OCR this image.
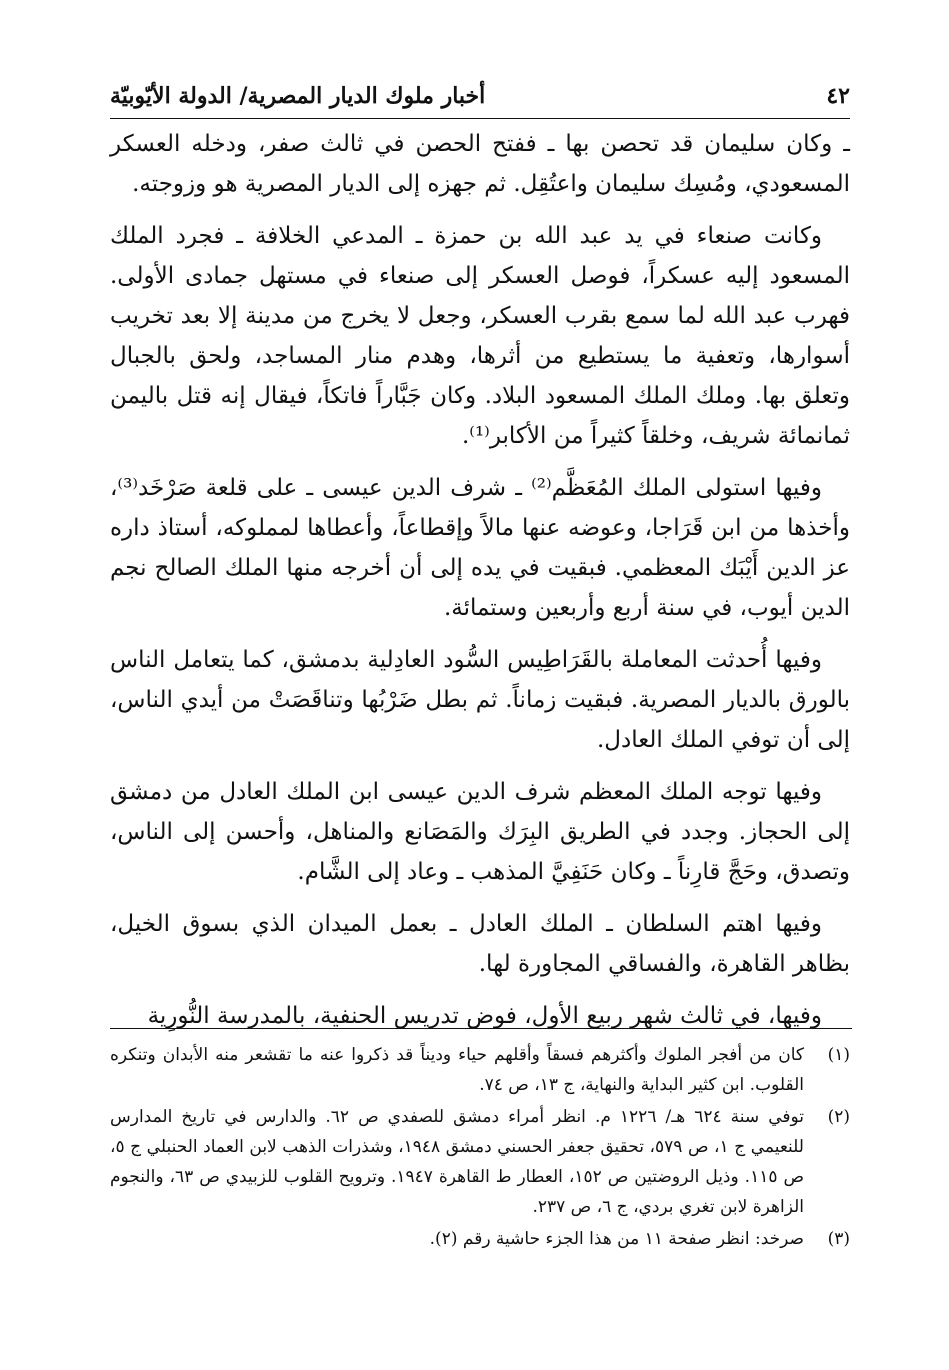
٤٢
أخبار ملوك الديار المصرية/ الدولة الأيّوبيّة

ـ وكان سليمان قد تحصن بها ـ ففتح الحصن في ثالث صفر، ودخله العسكر المسعودي، ومُسِك سليمان واعتُقِل. ثم جهزه إلى الديار المصرية هو وزوجته.

وكانت صنعاء في يد عبد الله بن حمزة ـ المدعي الخلافة ـ فجرد الملك المسعود إليه عسكراً، فوصل العسكر إلى صنعاء في مستهل جمادى الأولى. فهرب عبد الله لما سمع بقرب العسكر، وجعل لا يخرج من مدينة إلا بعد تخريب أسوارها، وتعفية ما يستطيع من أثرها، وهدم منار المساجد، ولحق بالجبال وتعلق بها. وملك الملك المسعود البلاد. وكان جَبَّاراً فاتكاً، فيقال إنه قتل باليمن ثمانمائة شريف، وخلقاً كثيراً من الأكابر⁽¹⁾.

وفيها استولى الملك المُعَظَّم⁽²⁾ ـ شرف الدين عيسى ـ على قلعة صَرْخَد⁽³⁾، وأخذها من ابن قَرَاجا، وعوضه عنها مالاً وإقطاعاً، وأعطاها لمملوكه، أستاذ داره عز الدين أَيْبَك المعظمي. فبقيت في يده إلى أن أخرجه منها الملك الصالح نجم الدين أيوب، في سنة أربع وأربعين وستمائة.

وفيها أُحدثت المعاملة بالقَرَاطِيس السُّود العادِلية بدمشق، كما يتعامل الناس بالورق بالديار المصرية. فبقيت زماناً. ثم بطل ضَرْبُها وتناقَصَتْ من أيدي الناس، إلى أن توفي الملك العادل.

وفيها توجه الملك المعظم شرف الدين عيسى ابن الملك العادل من دمشق إلى الحجاز. وجدد في الطريق البِرَك والمَصَانع والمناهل، وأحسن إلى الناس، وتصدق، وحَجَّ قارِناً ـ وكان حَنَفِيَّ المذهب ـ وعاد إلى الشَّام.

وفيها اهتم السلطان ـ الملك العادل ـ بعمل الميدان الذي بسوق الخيل، بظاهر القاهرة، والفساقي المجاورة لها.

وفيها، في ثالث شهر ربيع الأول، فوض تدريس الحنفية، بالمدرسة النُّورِية

(١)
كان من أفجر الملوك وأكثرهم فسقاً وأقلهم حياء وديناً قد ذكروا عنه ما تقشعر منه الأبدان وتنكره القلوب. ابن كثير البداية والنهاية، ج ١٣، ص ٧٤.
(٢)
توفي سنة ٦٢٤ هـ/ ١٢٢٦ م. انظر أمراء دمشق للصفدي ص ٦٢. والدارس في تاريخ المدارس للنعيمي ج ١، ص ٥٧٩، تحقيق جعفر الحسني دمشق ١٩٤٨، وشذرات الذهب لابن العماد الحنبلي ج ٥، ص ١١٥. وذيل الروضتين ص ١٥٢، العطار ط القاهرة ١٩٤٧. وترويح القلوب للزبيدي ص ٦٣، والنجوم الزاهرة لابن تغري بردي، ج ٦، ص ٢٣٧.
(٣)
صرخد: انظر صفحة ١١ من هذا الجزء حاشية رقم (٢).
